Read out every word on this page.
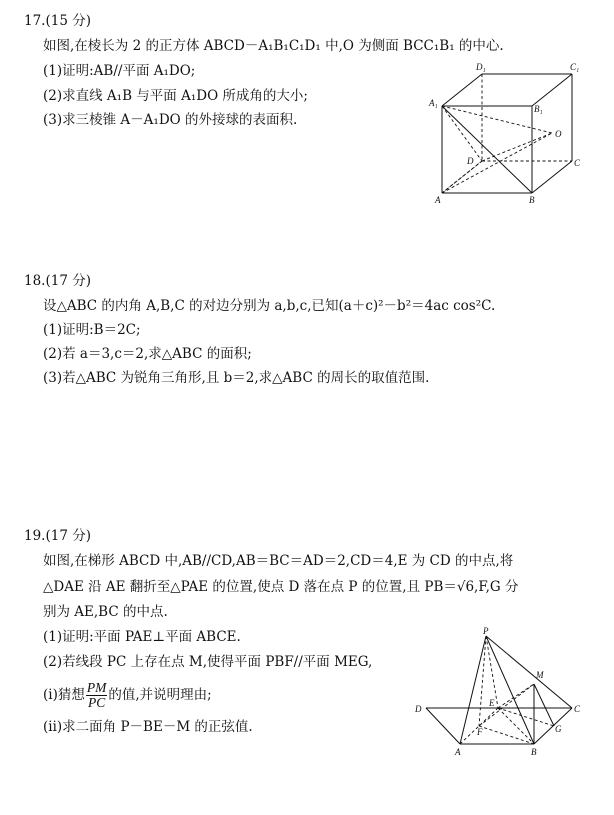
17.(15 分)
如图,在棱长为 2 的正方体 ABCD－A₁B₁C₁D₁ 中,O 为侧面 BCC₁B₁ 的中心.
(1)证明:AB//平面 A₁DO;
(2)求直线 A₁B 与平面 A₁DO 所成角的大小;
(3)求三棱锥 A－A₁DO 的外接球的表面积.
D₁	C₁
A₁
B₁
O
D	C
A	B
18.(17 分)
设△ABC 的内角 A,B,C 的对边分别为 a,b,c,已知(a＋c)²－b²＝4ac cos²C.
(1)证明:B＝2C;
(2)若 a＝3,c＝2,求△ABC 的面积;
(3)若△ABC 为锐角三角形,且 b＝2,求△ABC 的周长的取值范围.
19.(17 分)
如图,在梯形 ABCD 中,AB//CD,AB＝BC＝AD＝2,CD＝4,E 为 CD 的中点,将
△DAE 沿 AE 翻折至△PAE 的位置,使点 D 落在点 P 的位置,且 PB＝√6,F,G 分
别为 AE,BC 的中点.
(1)证明:平面 PAE⊥平面 ABCE.
(2)若线段 PC 上存在点 M,使得平面 PBF//平面 MEG,
(ⅰ)猜想 $\frac{PM}{PC}$ 的值,并说明理由;
(ⅱ)求二面角 P－BE－M 的正弦值.
P
M
D
E
C
G
F
A	B
